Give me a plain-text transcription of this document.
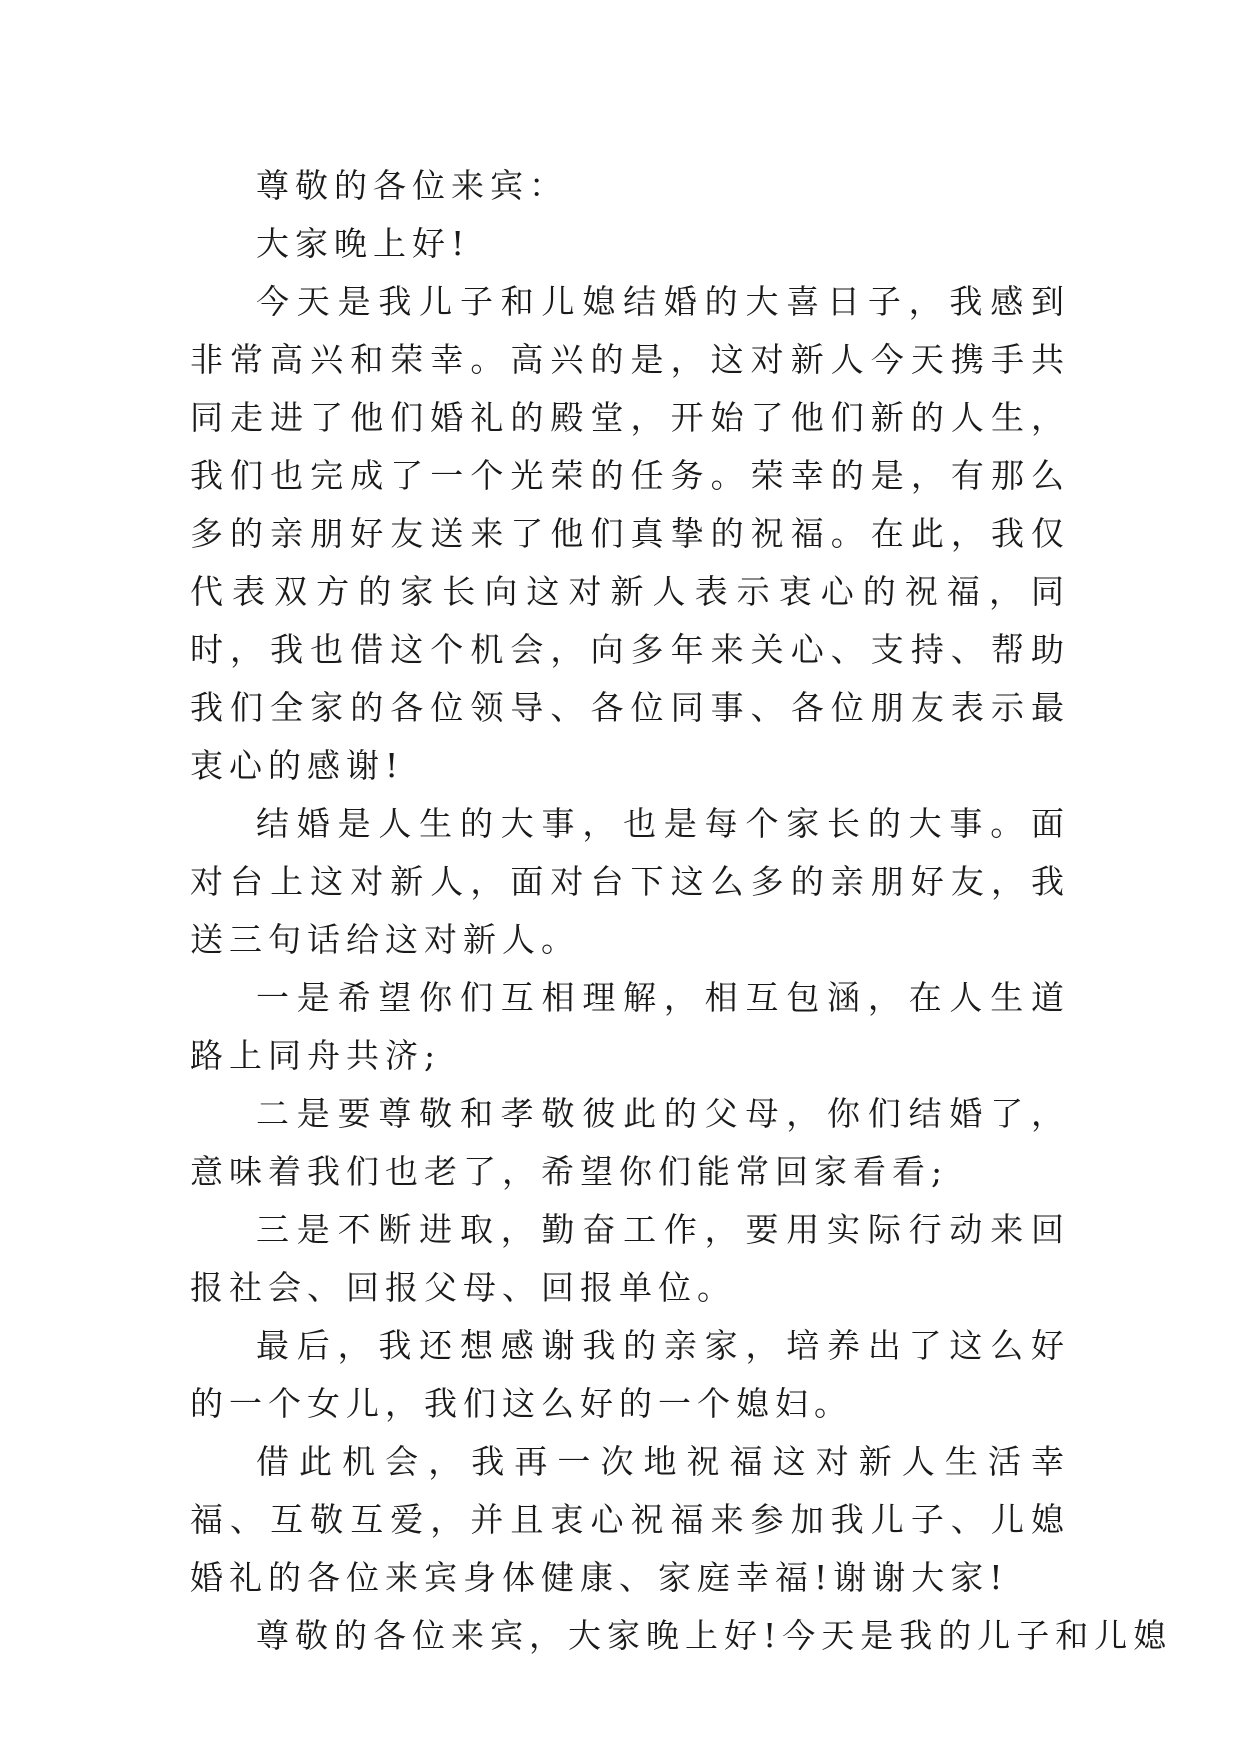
尊敬的各位来宾：

大家晚上好!

今天是我儿子和儿媳结婚的大喜日子，我感到非常高兴和荣幸。高兴的是，这对新人今天携手共同走进了他们婚礼的殿堂，开始了他们新的人生，我们也完成了一个光荣的任务。荣幸的是，有那么多的亲朋好友送来了他们真挚的祝福。在此，我仅代表双方的家长向这对新人表示衷心的祝福，同时，我也借这个机会，向多年来关心、支持、帮助我们全家的各位领导、各位同事、各位朋友表示最衷心的感谢!

结婚是人生的大事，也是每个家长的大事。面对台上这对新人，面对台下这么多的亲朋好友，我送三句话给这对新人。

一是希望你们互相理解，相互包涵，在人生道路上同舟共济;

二是要尊敬和孝敬彼此的父母，你们结婚了，意味着我们也老了，希望你们能常回家看看;

三是不断进取，勤奋工作，要用实际行动来回报社会、回报父母、回报单位。

最后，我还想感谢我的亲家，培养出了这么好的一个女儿，我们这么好的一个媳妇。

借此机会，我再一次地祝福这对新人生活幸福、互敬互爱，并且衷心祝福来参加我儿子、儿媳婚礼的各位来宾身体健康、家庭幸福!谢谢大家!

尊敬的各位来宾，大家晚上好!今天是我的儿子和儿媳
